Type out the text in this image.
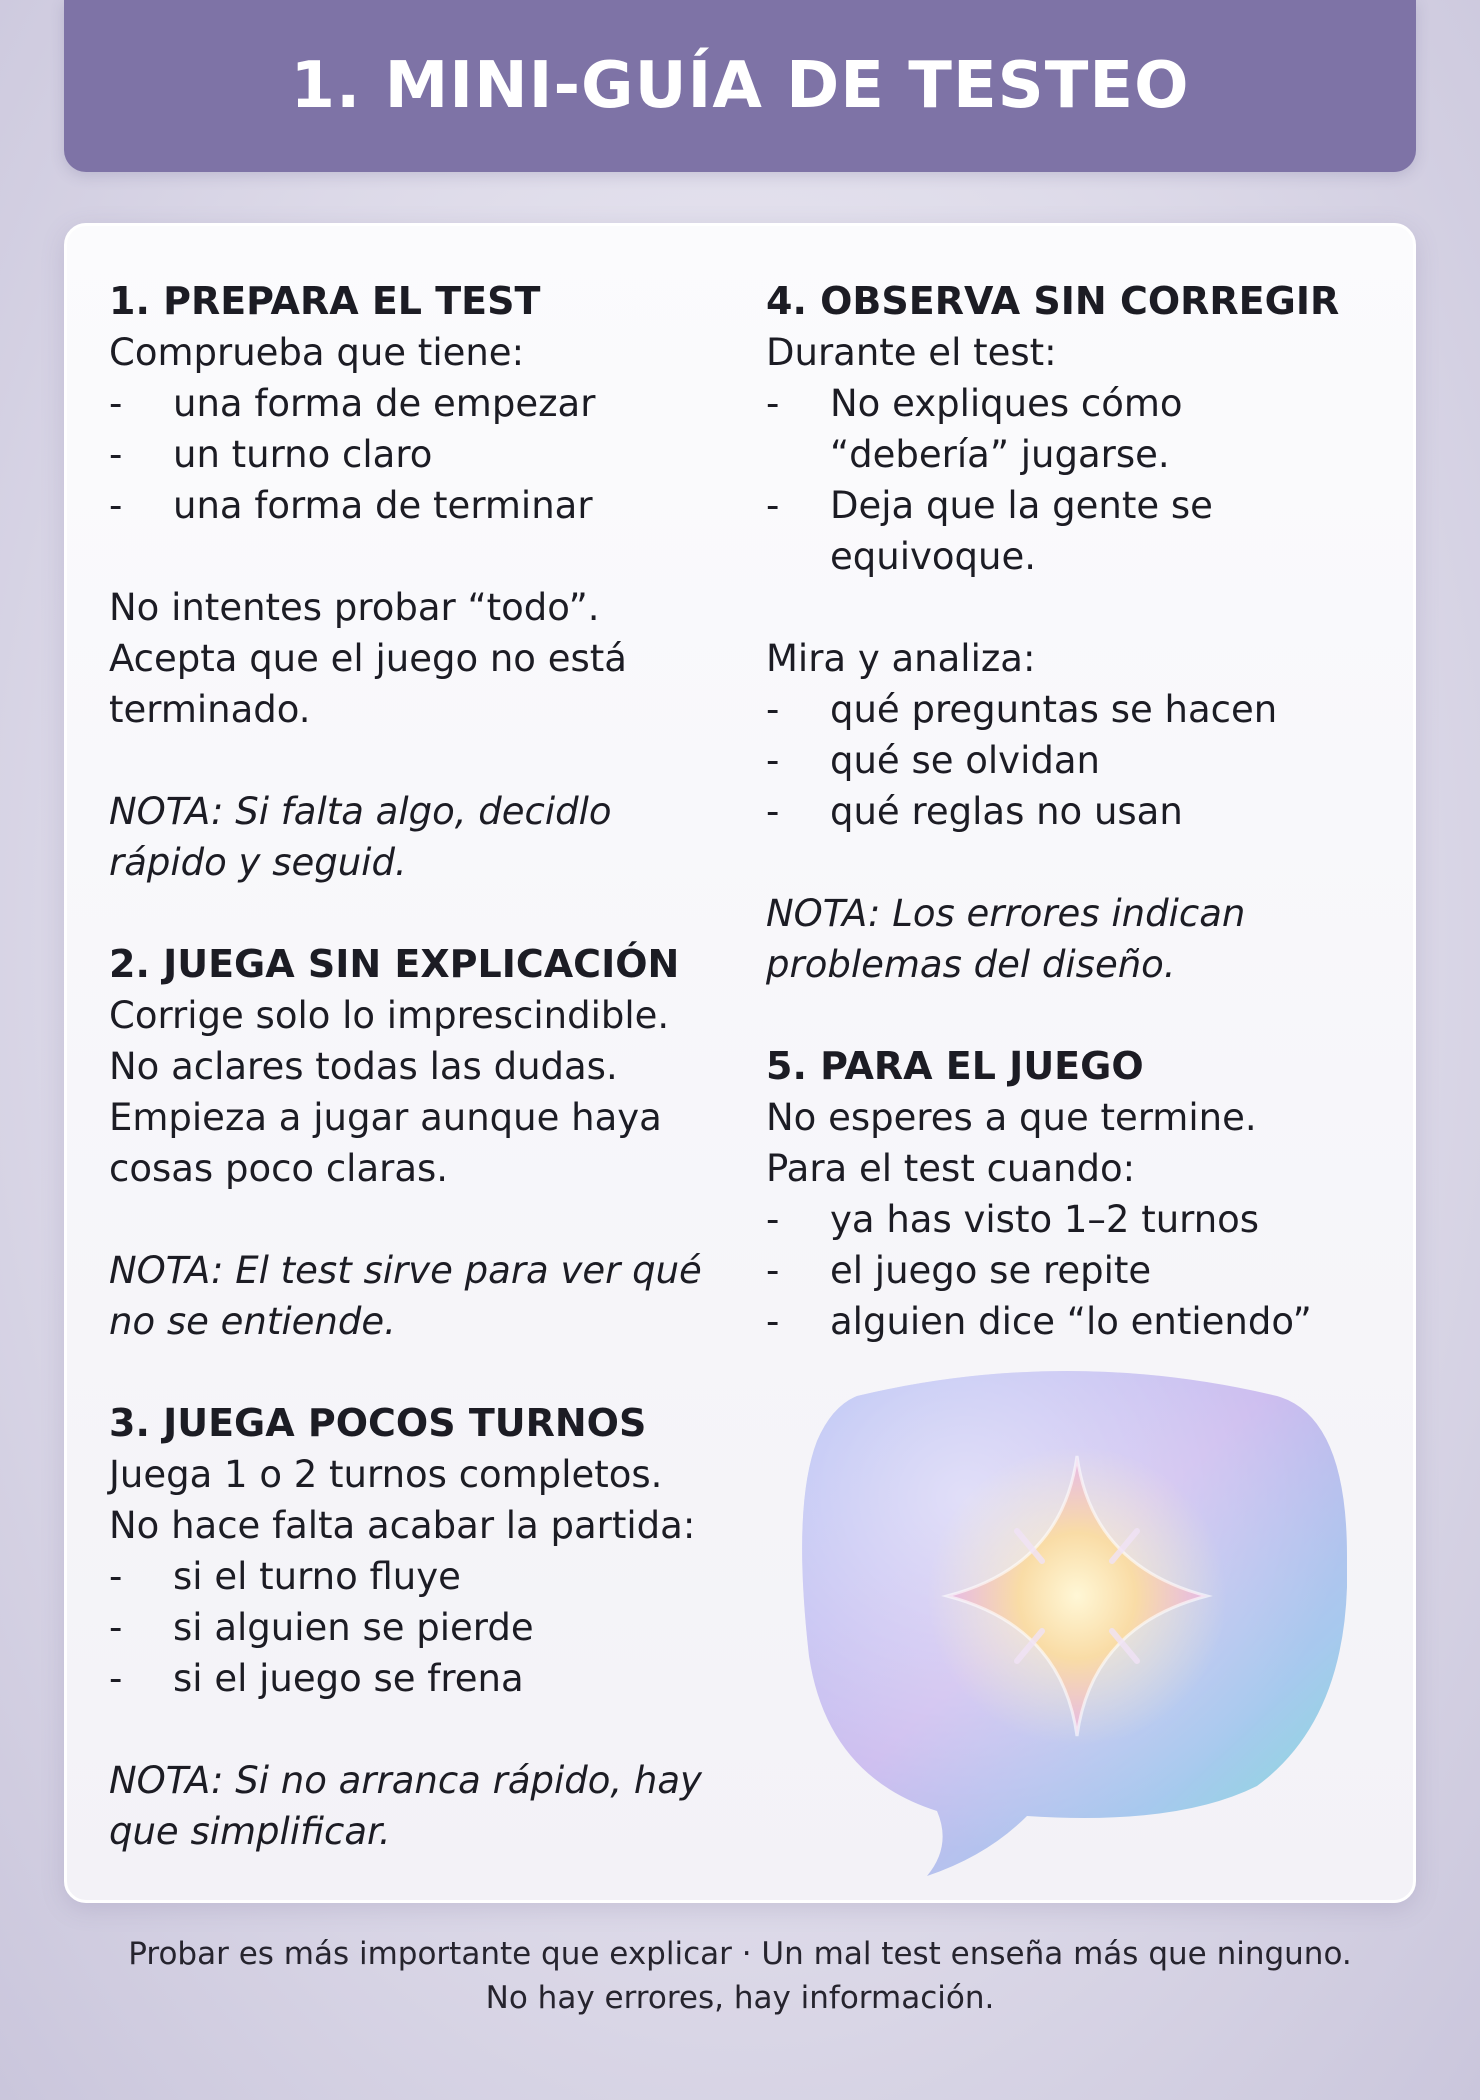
1. MINI-GUÍA DE TESTEO
1. PREPARA EL TEST
Comprueba que tiene:
- una forma de empezar
- un turno claro
- una forma de terminar
No intentes probar “todo”.
Acepta que el juego no está
terminado.
NOTA: Si falta algo, decidlo
rápido y seguid.
2. JUEGA SIN EXPLICACIÓN
Corrige solo lo imprescindible.
No aclares todas las dudas.
Empieza a jugar aunque haya
cosas poco claras.
NOTA: El test sirve para ver qué
no se entiende.
3. JUEGA POCOS TURNOS
Juega 1 o 2 turnos completos.
No hace falta acabar la partida:
- si el turno fluye
- si alguien se pierde
- si el juego se frena
NOTA: Si no arranca rápido, hay
que simplificar.
4. OBSERVA SIN CORREGIR
Durante el test:
- No expliques cómo
“debería” jugarse.
- Deja que la gente se
equivoque.
Mira y analiza:
- qué preguntas se hacen
- qué se olvidan
- qué reglas no usan
NOTA: Los errores indican
problemas del diseño.
5. PARA EL JUEGO
No esperes a que termine.
Para el test cuando:
- ya has visto 1–2 turnos
- el juego se repite
- alguien dice “lo entiendo”
Probar es más importante que explicar · Un mal test enseña más que ninguno.
No hay errores, hay información.
